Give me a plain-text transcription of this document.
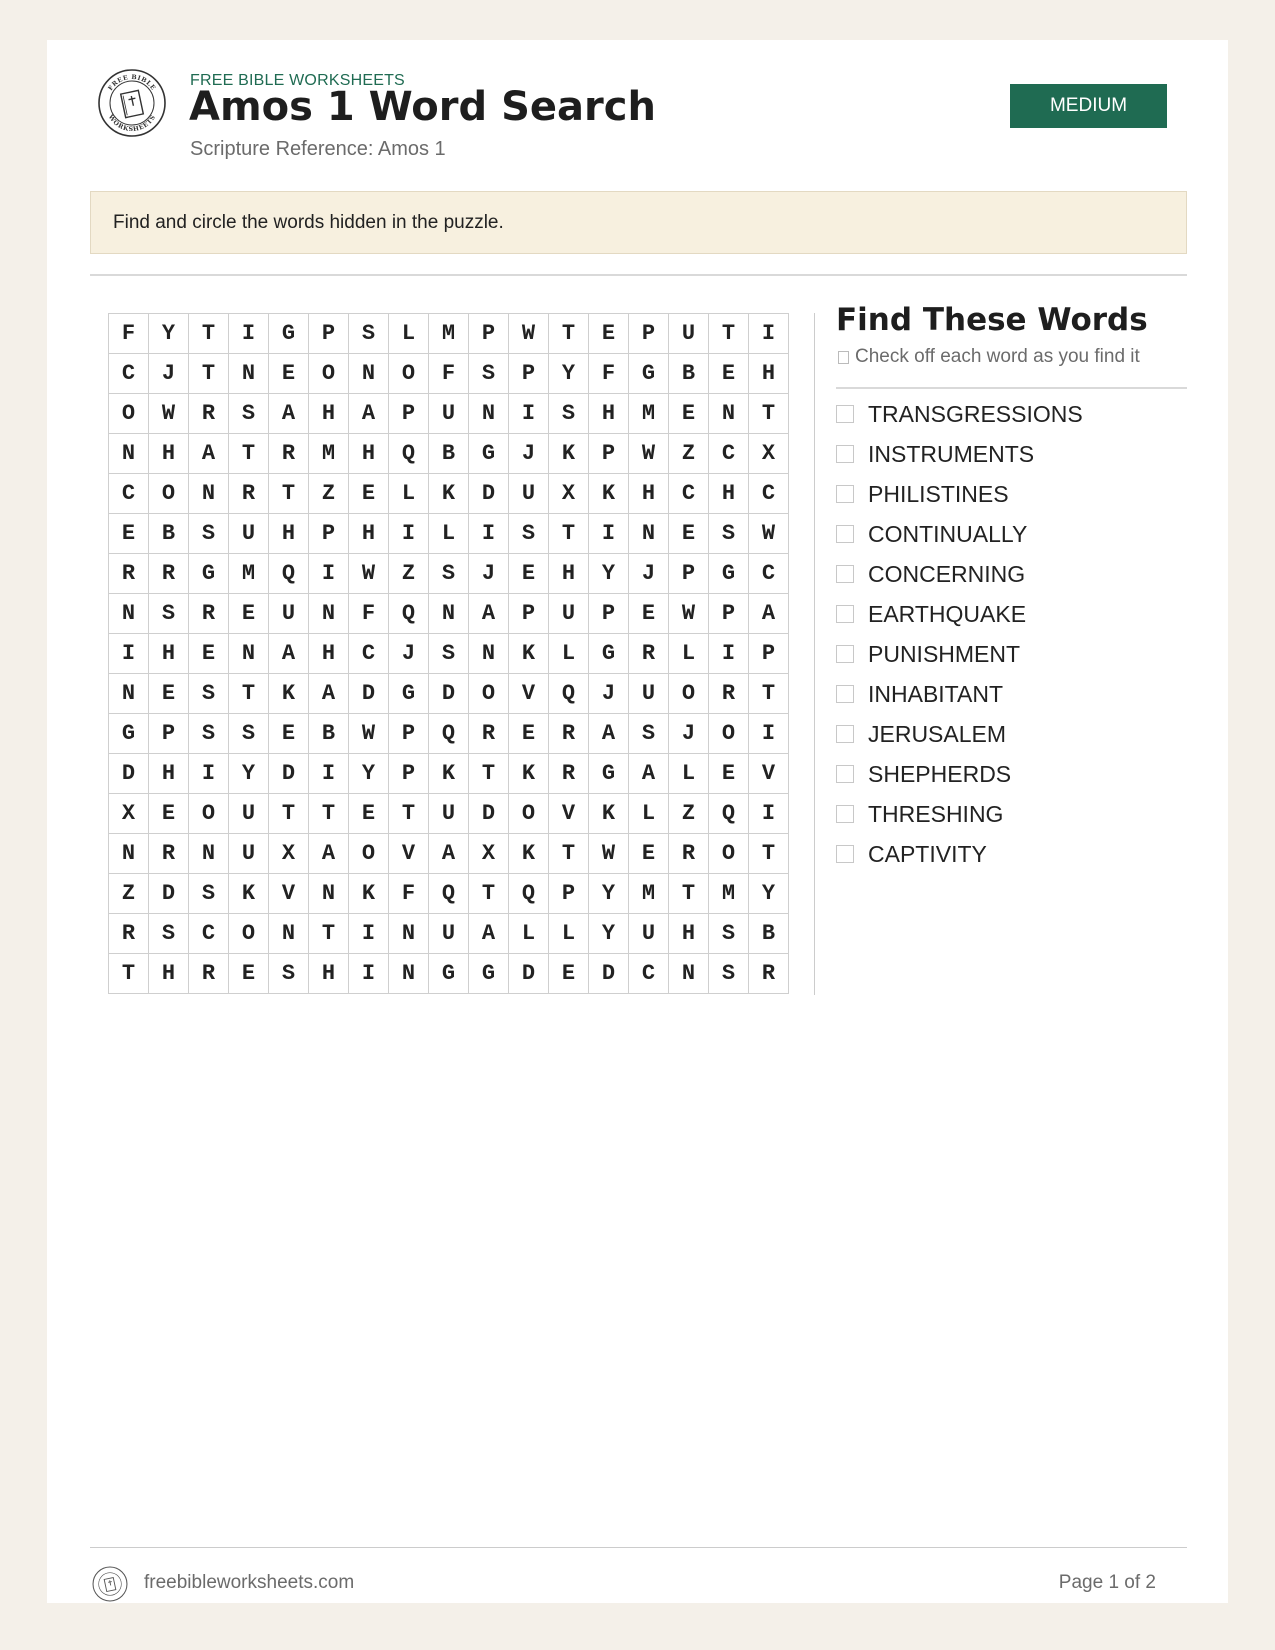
FREE BIBLE
WORKSHEETS
FREE BIBLE WORKSHEETS
Amos 1 Word Search
Scripture Reference: Amos 1
MEDIUM
Find and circle the words hidden in the puzzle.
F	Y	T	I	G	P	S	L	M	P	W	T	E	P	U	T	I
C	J	T	N	E	O	N	O	F	S	P	Y	F	G	B	E	H
O	W	R	S	A	H	A	P	U	N	I	S	H	M	E	N	T
N	H	A	T	R	M	H	Q	B	G	J	K	P	W	Z	C	X
C	O	N	R	T	Z	E	L	K	D	U	X	K	H	C	H	C
E	B	S	U	H	P	H	I	L	I	S	T	I	N	E	S	W
R	R	G	M	Q	I	W	Z	S	J	E	H	Y	J	P	G	C
N	S	R	E	U	N	F	Q	N	A	P	U	P	E	W	P	A
I	H	E	N	A	H	C	J	S	N	K	L	G	R	L	I	P
N	E	S	T	K	A	D	G	D	O	V	Q	J	U	O	R	T
G	P	S	S	E	B	W	P	Q	R	E	R	A	S	J	O	I
D	H	I	Y	D	I	Y	P	K	T	K	R	G	A	L	E	V
X	E	O	U	T	T	E	T	U	D	O	V	K	L	Z	Q	I
N	R	N	U	X	A	O	V	A	X	K	T	W	E	R	O	T
Z	D	S	K	V	N	K	F	Q	T	Q	P	Y	M	T	M	Y
R	S	C	O	N	T	I	N	U	A	L	L	Y	U	H	S	B
T	H	R	E	S	H	I	N	G	G	D	E	D	C	N	S	R
Find These Words
Check off each word as you find it
TRANSGRESSIONS
INSTRUMENTS
PHILISTINES
CONTINUALLY
CONCERNING
EARTHQUAKE
PUNISHMENT
INHABITANT
JERUSALEM
SHEPHERDS
THRESHING
CAPTIVITY
freebibleworksheets.com	Page 1 of 2
